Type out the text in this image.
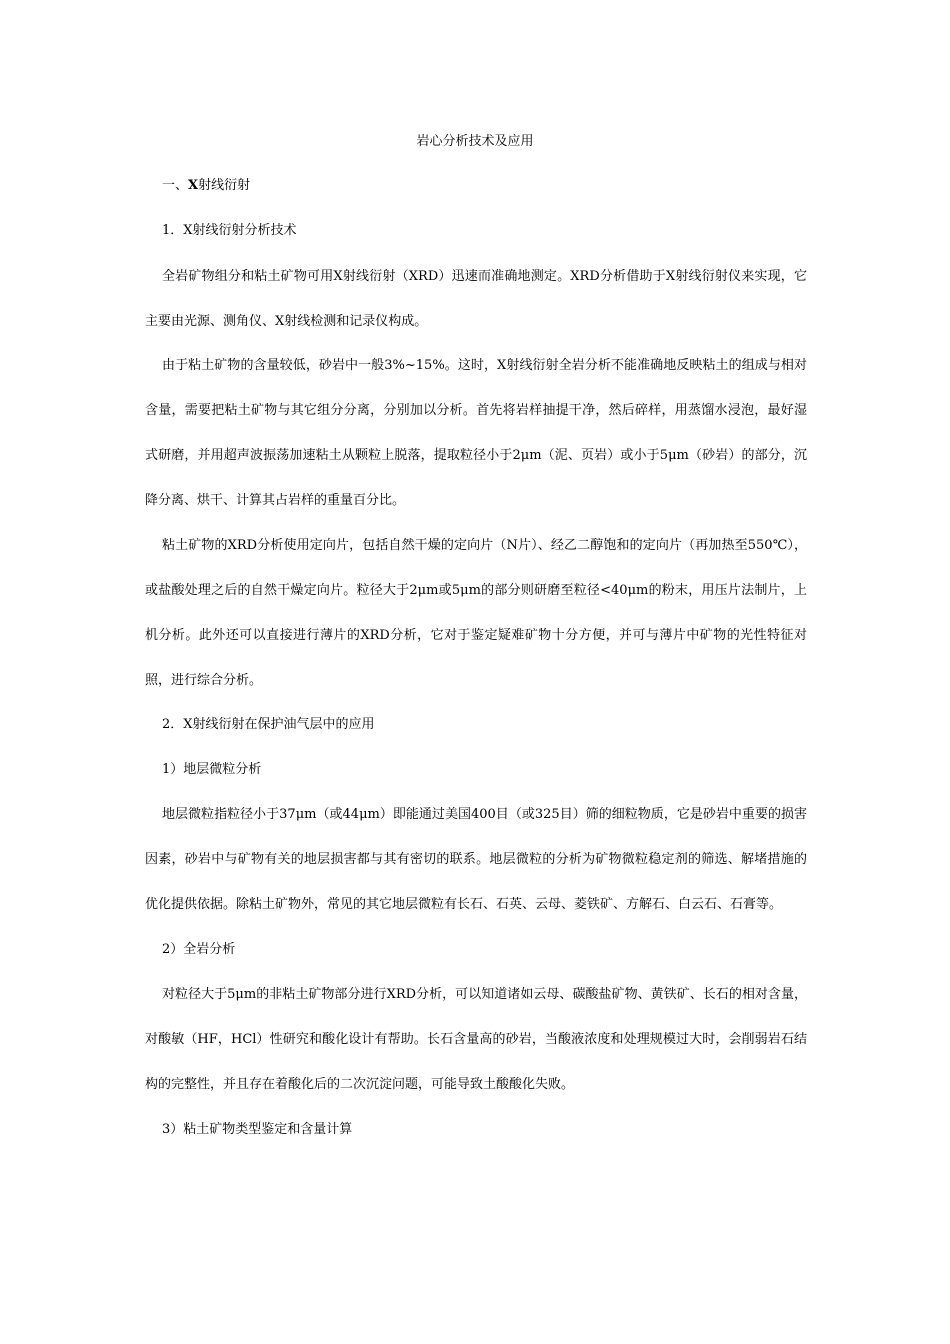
岩心分析技术及应用
一、X射线衍射
1．X射线衍射分析技术

全岩矿物组分和粘土矿物可用X射线衍射（XRD）迅速而准确地测定。XRD分析借助于X射线衍射仪来实现，它主要由光源、测角仪、X射线检测和记录仪构成。

由于粘土矿物的含量较低，砂岩中一般3%~15%。这时，X射线衍射全岩分析不能准确地反映粘土的组成与相对含量，需要把粘土矿物与其它组分分离，分别加以分析。首先将岩样抽提干净，然后碎样，用蒸馏水浸泡，最好湿式研磨，并用超声波振荡加速粘土从颗粒上脱落，提取粒径小于2μm（泥、页岩）或小于5μm（砂岩）的部分，沉降分离、烘干、计算其占岩样的重量百分比。

粘土矿物的XRD分析使用定向片，包括自然干燥的定向片（N片）、经乙二醇饱和的定向片（再加热至550℃），或盐酸处理之后的自然干燥定向片。粒径大于2μm或5μm的部分则研磨至粒径<40μm的粉末，用压片法制片，上机分析。此外还可以直接进行薄片的XRD分析，它对于鉴定疑难矿物十分方便，并可与薄片中矿物的光性特征对照，进行综合分析。

2．X射线衍射在保护油气层中的应用
1）地层微粒分析

地层微粒指粒径小于37μm（或44μm）即能通过美国400目（或325目）筛的细粒物质，它是砂岩中重要的损害因素，砂岩中与矿物有关的地层损害都与其有密切的联系。地层微粒的分析为矿物微粒稳定剂的筛选、解堵措施的优化提供依据。除粘土矿物外，常见的其它地层微粒有长石、石英、云母、菱铁矿、方解石、白云石、石膏等。

2）全岩分析

对粒径大于5μm的非粘土矿物部分进行XRD分析，可以知道诸如云母、碳酸盐矿物、黄铁矿、长石的相对含量，对酸敏（HF，HCl）性研究和酸化设计有帮助。长石含量高的砂岩，当酸液浓度和处理规模过大时，会削弱岩石结构的完整性，并且存在着酸化后的二次沉淀问题，可能导致土酸酸化失败。

3）粘土矿物类型鉴定和含量计算
